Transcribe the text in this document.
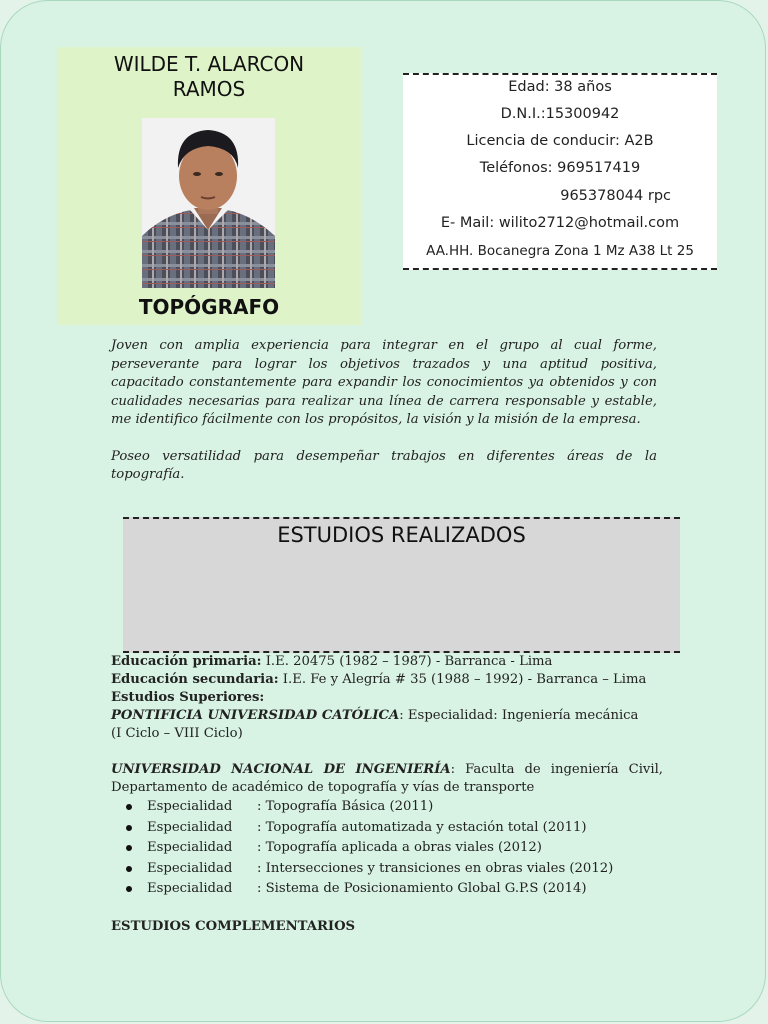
WILDE T. ALARCON
RAMOS
TOPÓGRAFO
Edad: 38 años
D.N.I.:15300942
Licencia de conducir: A2B
Teléfonos: 969517419
965378044 rpc
E- Mail: wilito2712@hotmail.com
AA.HH. Bocanegra Zona 1 Mz A38 Lt 25

Joven con amplia experiencia para integrar en el grupo al cual forme, perseverante para lograr los objetivos trazados y una aptitud positiva, capacitado constantemente para expandir los conocimientos ya obtenidos y con cualidades necesarias para realizar una línea de carrera responsable y estable, me identifico fácilmente con los propósitos, la visión y la misión de la empresa.

Poseo versatilidad para desempeñar trabajos en diferentes áreas de la topografía.

ESTUDIOS REALIZADOS
Educación primaria: I.E. 20475 (1982 – 1987) - Barranca - Lima
Educación secundaria: I.E. Fe y Alegría # 35 (1988 – 1992) - Barranca – Lima
Estudios Superiores:
PONTIFICIA UNIVERSIDAD CATÓLICA: Especialidad: Ingeniería mecánica
(I Ciclo – VIII Ciclo)
UNIVERSIDAD NACIONAL DE INGENIERÍA: Faculta de ingeniería Civil, Departamento de académico de topografía y vías de transporte
Especialidad : Topografía Básica (2011)
Especialidad : Topografía automatizada y estación total (2011)
Especialidad : Topografía aplicada a obras viales (2012)
Especialidad : Intersecciones y transiciones en obras viales (2012)
Especialidad : Sistema de Posicionamiento Global G.P.S (2014)
ESTUDIOS COMPLEMENTARIOS
